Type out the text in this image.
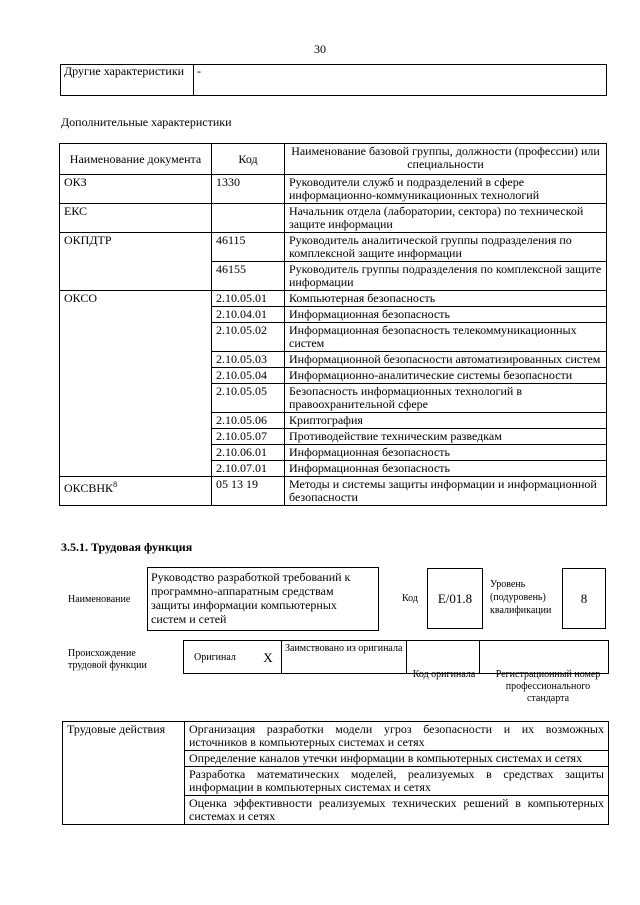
30
Другие характеристики	-
Дополнительные характеристики
Наименование документа	Код	Наименование базовой группы, должности (профессии) или специальности
ОКЗ	1330	Руководители служб и подразделений в сфере информационно-коммуникационных технологий
ЕКС		Начальник отдела (лаборатории, сектора) по технической защите информации
ОКПДТР	46115	Руководитель аналитической группы подразделения по комплексной защите информации
	46155	Руководитель группы подразделения по комплексной защите информации
ОКСО	2.10.05.01	Компьютерная безопасность
	2.10.04.01	Информационная безопасность
	2.10.05.02	Информационная безопасность телекоммуникационных систем
	2.10.05.03	Информационной безопасности автоматизированных систем
	2.10.05.04	Информационно-аналитические системы безопасности
	2.10.05.05	Безопасность информационных технологий в правоохранительной сфере
	2.10.05.06	Криптография
	2.10.05.07	Противодействие техническим разведкам
	2.10.06.01	Информационная безопасность
	2.10.07.01	Информационная безопасность
ОКСВНК$^8$	05 13 19	Методы и системы защиты информации и информационной безопасности
3.5.1. Трудовая функция
Наименование
Руководство разработкой требований к программно-аппаратным средствам защиты информации компьютерных систем и сетей
Код	E/01.8
Уровень (подуровень) квалификации
8
Происхождение трудовой функции
Оригинал	X	Заимствовано из оригинала		
Код оригинала	Регистрационный номер профессионального стандарта
Трудовые действия	Организация разработки модели угроз безопасности и их возможных источников в компьютерных системах и сетях
Определение каналов утечки информации в компьютерных системах и сетях
Разработка математических моделей, реализуемых в средствах защиты информации в компьютерных системах и сетях
Оценка эффективности реализуемых технических решений в компьютерных системах и сетях
